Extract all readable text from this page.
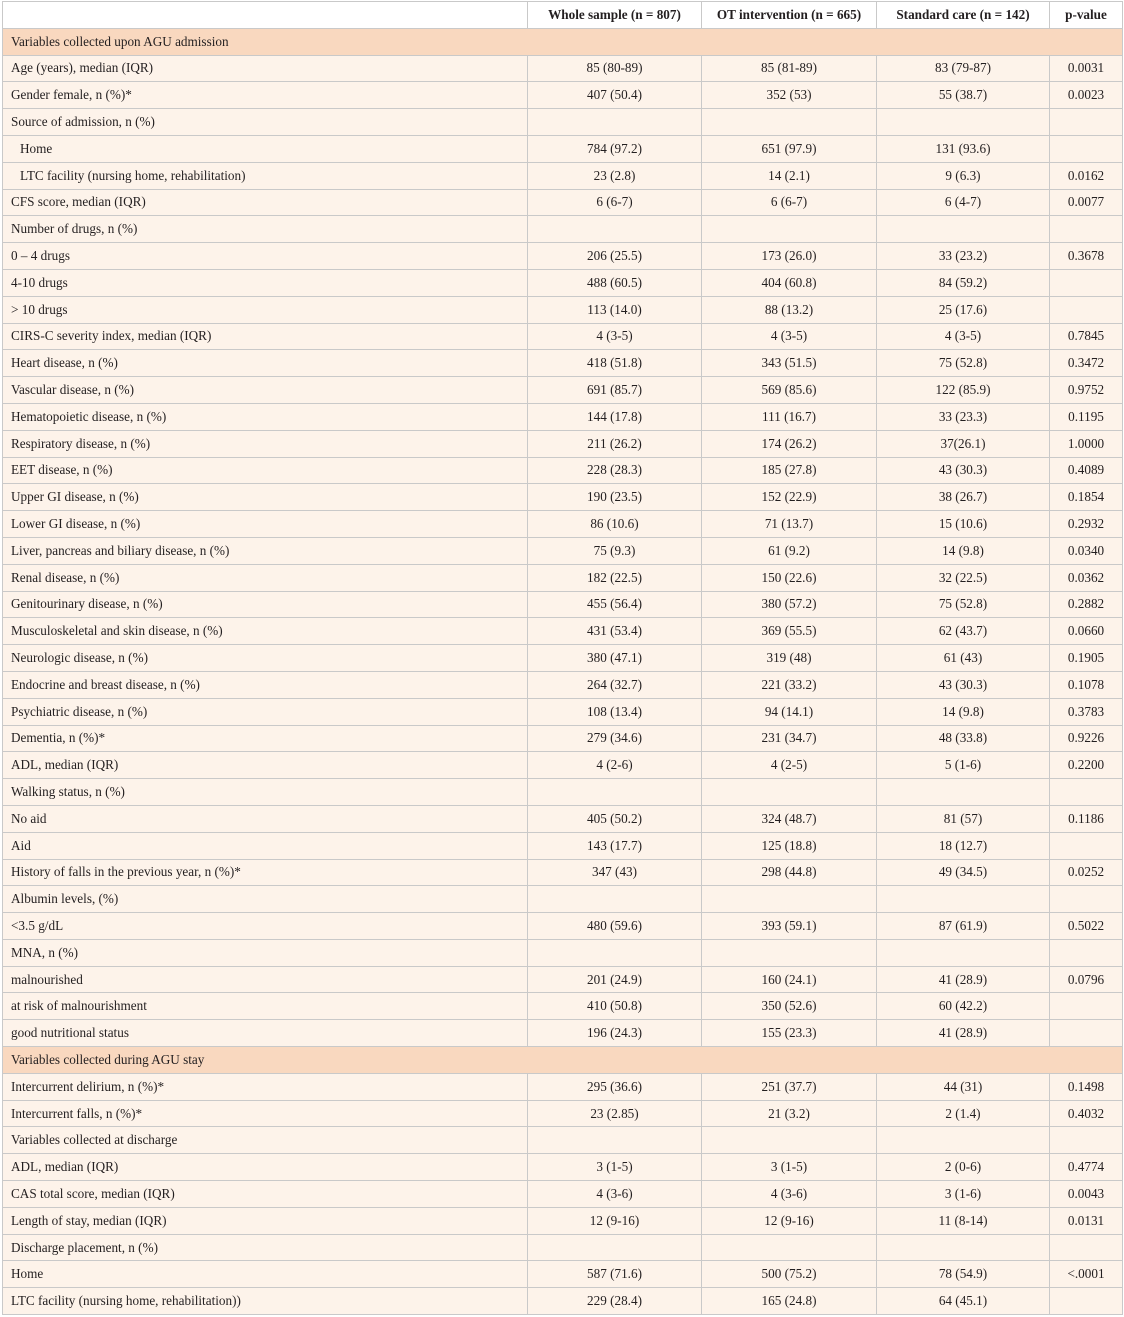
	Whole sample (n = 807)	OT intervention (n = 665)	Standard care (n = 142)	p-value
Variables collected upon AGU admission				
Age (years), median (IQR)	85 (80-89)	85 (81-89)	83 (79-87)	0.0031
Gender female, n (%)*	407 (50.4)	352 (53)	55 (38.7)	0.0023
Source of admission, n (%)				
Home	784 (97.2)	651 (97.9)	131 (93.6)	
LTC facility (nursing home, rehabilitation)	23 (2.8)	14 (2.1)	9 (6.3)	0.0162
CFS score, median (IQR)	6 (6-7)	6 (6-7)	6 (4-7)	0.0077
Number of drugs, n (%)				
0 – 4 drugs	206 (25.5)	173 (26.0)	33 (23.2)	0.3678
4-10 drugs	488 (60.5)	404 (60.8)	84 (59.2)	
> 10 drugs	113 (14.0)	88 (13.2)	25 (17.6)	
CIRS-C severity index, median (IQR)	4 (3-5)	4 (3-5)	4 (3-5)	0.7845
Heart disease, n (%)	418 (51.8)	343 (51.5)	75 (52.8)	0.3472
Vascular disease, n (%)	691 (85.7)	569 (85.6)	122 (85.9)	0.9752
Hematopoietic disease, n (%)	144 (17.8)	111 (16.7)	33 (23.3)	0.1195
Respiratory disease, n (%)	211 (26.2)	174 (26.2)	37(26.1)	1.0000
EET disease, n (%)	228 (28.3)	185 (27.8)	43 (30.3)	0.4089
Upper GI disease, n (%)	190 (23.5)	152 (22.9)	38 (26.7)	0.1854
Lower GI disease, n (%)	86 (10.6)	71 (13.7)	15 (10.6)	0.2932
Liver, pancreas and biliary disease, n (%)	75 (9.3)	61 (9.2)	14 (9.8)	0.0340
Renal disease, n (%)	182 (22.5)	150 (22.6)	32 (22.5)	0.0362
Genitourinary disease, n (%)	455 (56.4)	380 (57.2)	75 (52.8)	0.2882
Musculoskeletal and skin disease, n (%)	431 (53.4)	369 (55.5)	62 (43.7)	0.0660
Neurologic disease, n (%)	380 (47.1)	319 (48)	61 (43)	0.1905
Endocrine and breast disease, n (%)	264 (32.7)	221 (33.2)	43 (30.3)	0.1078
Psychiatric disease, n (%)	108 (13.4)	94 (14.1)	14 (9.8)	0.3783
Dementia, n (%)*	279 (34.6)	231 (34.7)	48 (33.8)	0.9226
ADL, median (IQR)	4 (2-6)	4 (2-5)	5 (1-6)	0.2200
Walking status, n (%)				
No aid	405 (50.2)	324 (48.7)	81 (57)	0.1186
Aid	143 (17.7)	125 (18.8)	18 (12.7)	
History of falls in the previous year, n (%)*	347 (43)	298 (44.8)	49 (34.5)	0.0252
Albumin levels, (%)				
<3.5 g/dL	480 (59.6)	393 (59.1)	87 (61.9)	0.5022
MNA, n (%)				
malnourished	201 (24.9)	160 (24.1)	41 (28.9)	0.0796
at risk of malnourishment	410 (50.8)	350 (52.6)	60 (42.2)	
good nutritional status	196 (24.3)	155 (23.3)	41 (28.9)	
Variables collected during AGU stay				
Intercurrent delirium, n (%)*	295 (36.6)	251 (37.7)	44 (31)	0.1498
Intercurrent falls, n (%)*	23 (2.85)	21 (3.2)	2 (1.4)	0.4032
Variables collected at discharge				
ADL, median (IQR)	3 (1-5)	3 (1-5)	2 (0-6)	0.4774
CAS total score, median (IQR)	4 (3-6)	4 (3-6)	3 (1-6)	0.0043
Length of stay, median (IQR)	12 (9-16)	12 (9-16)	11 (8-14)	0.0131
Discharge placement, n (%)				
Home	587 (71.6)	500 (75.2)	78 (54.9)	<.0001
LTC facility (nursing home, rehabilitation))	229 (28.4)	165 (24.8)	64 (45.1)	
